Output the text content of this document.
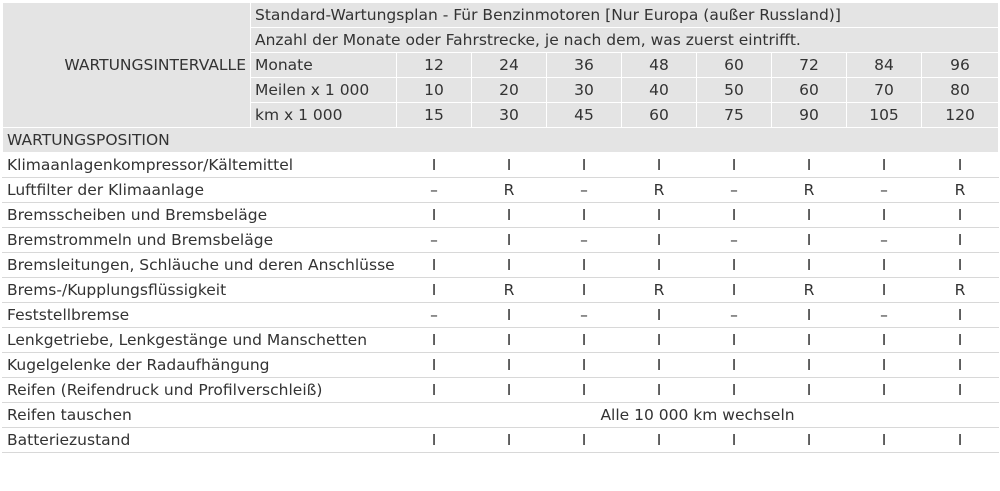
WARTUNGSINTERVALLE	Standard-Wartungsplan - Für Benzinmotoren [Nur Europa (außer Russland)]								
	Anzahl der Monate oder Fahrstrecke, je nach dem, was zuerst eintrifft.								
	Monate	12	24	36	48	60	72	84	96
	Meilen x 1 000	10	20	30	40	50	60	70	80
	km x 1 000	15	30	45	60	75	90	105	120
WARTUNGSPOSITION									
Klimaanlagenkompressor/Kältemittel		I	I	I	I	I	I	I	I
Luftfilter der Klimaanlage		–	R	–	R	–	R	–	R
Bremsscheiben und Bremsbeläge		I	I	I	I	I	I	I	I
Bremstrommeln und Bremsbeläge		–	I	–	I	–	I	–	I
Bremsleitungen, Schläuche und deren Anschlüsse		I	I	I	I	I	I	I	I
Brems-/Kupplungsflüssigkeit		I	R	I	R	I	R	I	R
Feststellbremse		–	I	–	I	–	I	–	I
Lenkgetriebe, Lenkgestänge und Manschetten		I	I	I	I	I	I	I	I
Kugelgelenke der Radaufhängung		I	I	I	I	I	I	I	I
Reifen (Reifendruck und Profilverschleiß)		I	I	I	I	I	I	I	I
Reifen tauschen		Alle 10 000 km wechseln							
Batteriezustand		I	I	I	I	I	I	I	I
